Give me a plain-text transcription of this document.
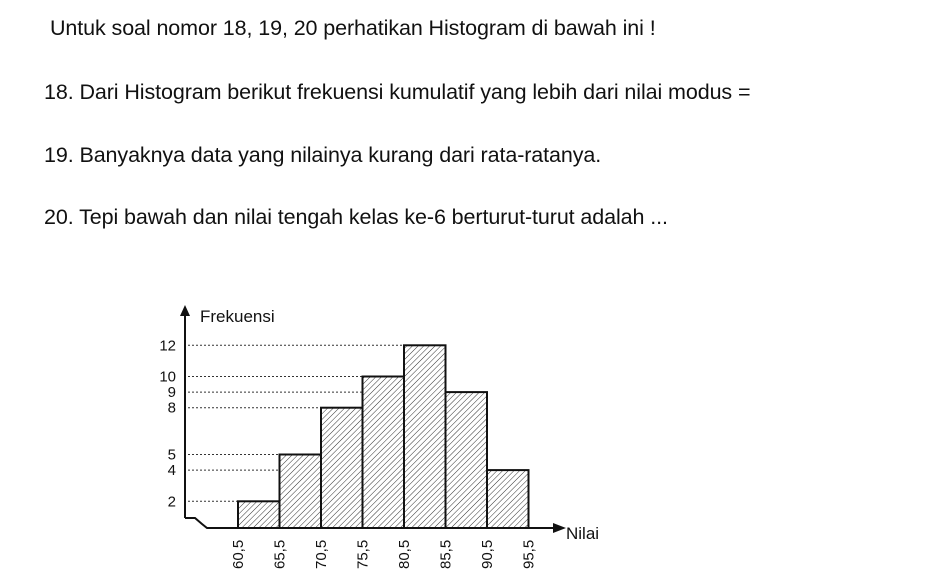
Untuk soal nomor 18, 19, 20 perhatikan Histogram di bawah ini !
18. Dari Histogram berikut frekuensi kumulatif yang lebih dari nilai modus =
19. Banyaknya data yang nilainya kurang dari rata-ratanya.
20. Tepi bawah dan nilai tengah kelas ke-6 berturut-turut adalah ...
2
4
5
8
9
10
12
60,5 65,5 70,5 75,5 80,5 85,5 90,5 95,5
Frekuensi
Nilai
